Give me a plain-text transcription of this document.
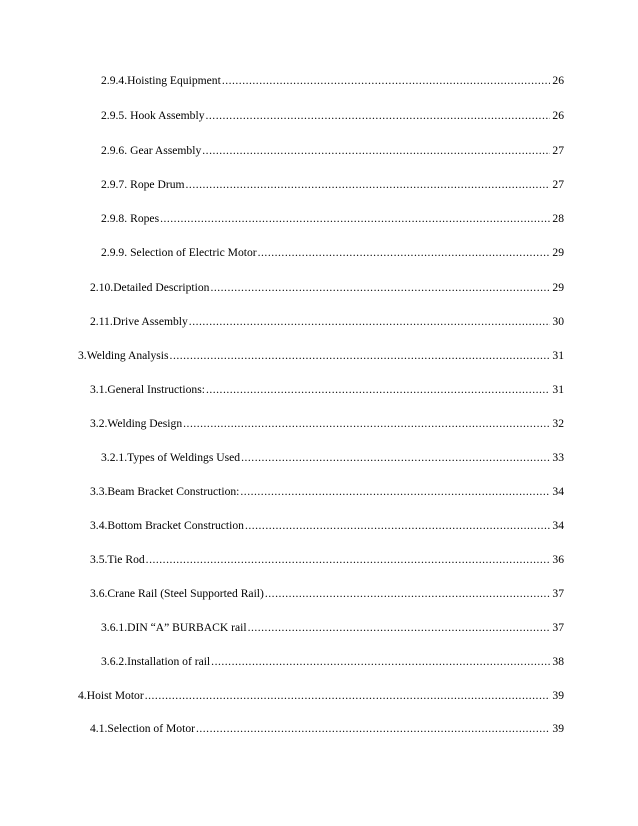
2.9.4. Hoisting Equipment .....	26
2.9.5. Hook Assembly .....	26
2.9.6. Gear Assembly .....	27
2.9.7. Rope Drum .....	27
2.9.8. Ropes .....	28
2.9.9. Selection of Electric Motor .....	29
2.10. Detailed Description .....	29
2.11. Drive Assembly .....	30
3. Welding Analysis .....	31
3.1. General Instructions: .....	31
3.2. Welding Design .....	32
3.2.1. Types of Weldings Used .....	33
3.3. Beam Bracket Construction: .....	34
3.4. Bottom Bracket Construction .....	34
3.5. Tie Rod .....	36
3.6. Crane Rail (Steel Supported Rail) .....	37
3.6.1. DIN “A” BURBACK rail .....	37
3.6.2. Installation of rail .....	38
4. Hoist Motor .....	39
4.1. Selection of Motor .....	39
